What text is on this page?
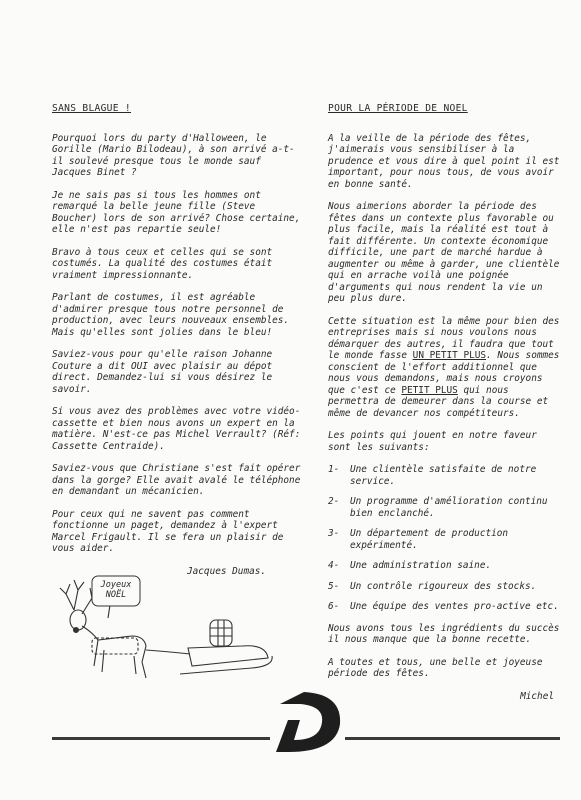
SANS BLAGUE !

Pourquoi lors du party d'Halloween, le Gorille (Mario Bilodeau), à son arrivé a-t-il soulevé presque tous le monde sauf Jacques Binet ?

Je ne sais pas si tous les hommes ont remarqué la belle jeune fille (Steve Boucher) lors de son arrivé? Chose certaine, elle n'est pas repartie seule!

Bravo à tous ceux et celles qui se sont costumés. La qualité des costumes était vraiment impressionnante.

Parlant de costumes, il est agréable d'admirer presque tous notre personnel de production, avec leurs nouveaux ensembles. Mais qu'elles sont jolies dans le bleu!

Saviez-vous pour qu'elle raison Johanne Couture a dit OUI avec plaisir au dépot direct. Demandez-lui si vous désirez le savoir.

Si vous avez des problèmes avec votre vidéo-cassette et bien nous avons un expert en la matière. N'est-ce pas Michel Verrault? (Réf: Cassette Centraide).

Saviez-vous que Christiane s'est fait opérer dans la gorge? Elle avait avalé le téléphone en demandant un mécanicien.

Pour ceux qui ne savent pas comment fonctionne un paget, demandez à l'expert Marcel Frigault. Il se fera un plaisir de vous aider.

Jacques Dumas.
Joyeux NOËL
POUR LA PÉRIODE DE NOEL

A la veille de la période des fêtes, j'aimerais vous sensibiliser à la prudence et vous dire à quel point il est important, pour nous tous, de vous avoir en bonne santé.

Nous aimerions aborder la période des fêtes dans un contexte plus favorable ou plus facile, mais la réalité est tout à fait différente. Un contexte économique difficile, une part de marché hardue à augmenter ou même à garder, une clientèle qui en arrache voilà une poignée d'arguments qui nous rendent la vie un peu plus dure.

Cette situation est la même pour bien des entreprises mais si nous voulons nous démarquer des autres, il faudra que tout le monde fasse UN PETIT PLUS. Nous sommes conscient de l'effort additionnel que nous vous demandons, mais nous croyons que c'est ce PETIT PLUS qui nous permettra de demeurer dans la course et même de devancer nos compétiteurs.

Les points qui jouent en notre faveur sont les suivants:

1-	Une clientèle satisfaite de notre service.
2-	Un programme d'amélioration continu bien enclanché.
3-	Un département de production expérimenté.
4-	Une administration saine.
5-	Un contrôle rigoureux des stocks.
6-	Une équipe des ventes pro-active etc.

Nous avons tous les ingrédients du succès il nous manque que la bonne recette.

A toutes et tous, une belle et joyeuse période des fêtes.

Michel
